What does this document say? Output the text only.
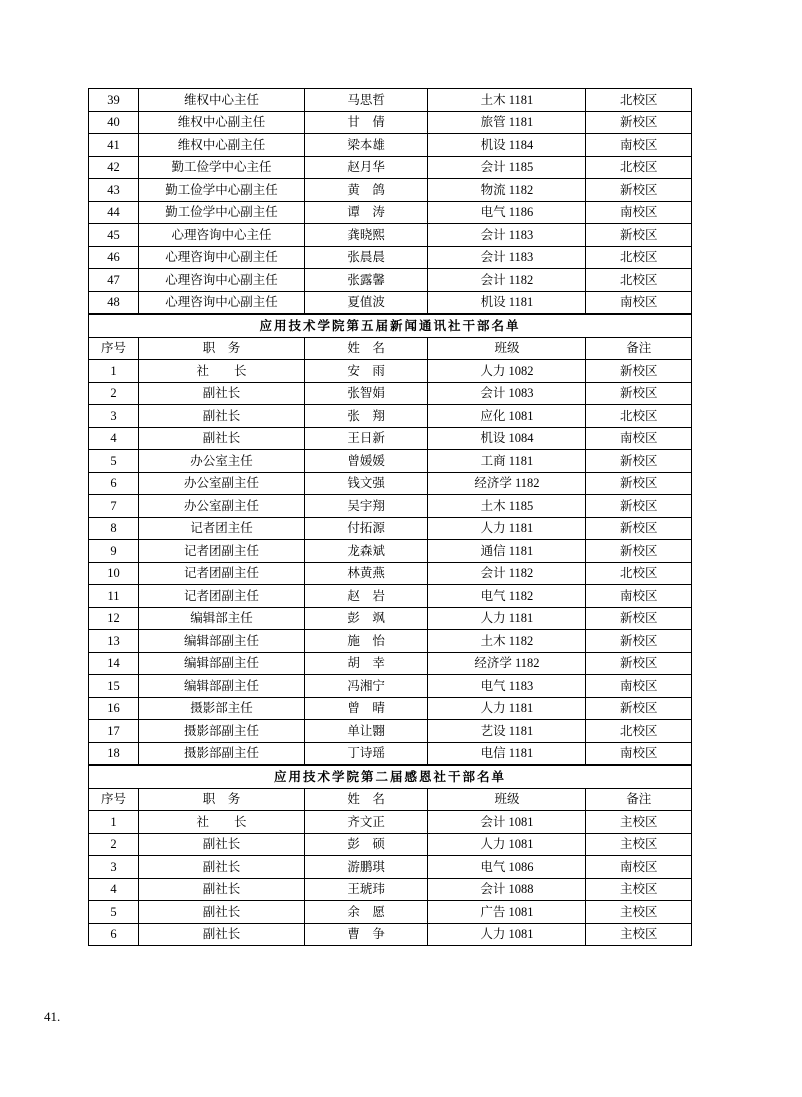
39	维权中心主任	马思哲	土木 1181	北校区
40	维权中心副主任	甘　倩	旅管 1181	新校区
41	维权中心副主任	梁本雄	机设 1184	南校区
42	勤工俭学中心主任	赵月华	会计 1185	北校区
43	勤工俭学中心副主任	黄　鸽	物流 1182	新校区
44	勤工俭学中心副主任	谭　涛	电气 1186	南校区
45	心理咨询中心主任	龚晓熙	会计 1183	新校区
46	心理咨询中心副主任	张晨晨	会计 1183	北校区
47	心理咨询中心副主任	张露馨	会计 1182	北校区
48	心理咨询中心副主任	夏值波	机设 1181	南校区
应用技术学院第五届新闻通讯社干部名单				
序号	职　务	姓　名	班级	备注
1	社　　长	安　雨	人力 1082	新校区
2	副社长	张智娟	会计 1083	新校区
3	副社长	张　翔	应化 1081	北校区
4	副社长	王日新	机设 1084	南校区
5	办公室主任	曾媛媛	工商 1181	新校区
6	办公室副主任	钱文强	经济学 1182	新校区
7	办公室副主任	吴宇翔	土木 1185	新校区
8	记者团主任	付拓源	人力 1181	新校区
9	记者团副主任	龙森斌	通信 1181	新校区
10	记者团副主任	林黄燕	会计 1182	北校区
11	记者团副主任	赵　岩	电气 1182	南校区
12	编辑部主任	彭　飒	人力 1181	新校区
13	编辑部副主任	施　怡	土木 1182	新校区
14	编辑部副主任	胡　幸	经济学 1182	新校区
15	编辑部副主任	冯湘宁	电气 1183	南校区
16	摄影部主任	曾　晴	人力 1181	新校区
17	摄影部副主任	单让翾	艺设 1181	北校区
18	摄影部副主任	丁诗瑶	电信 1181	南校区
应用技术学院第二届感恩社干部名单				
序号	职　务	姓　名	班级	备注
1	社　　长	齐文正	会计 1081	主校区
2	副社长	彭　硕	人力 1081	主校区
3	副社长	游鹏琪	电气 1086	南校区
4	副社长	王琥玮	会计 1088	主校区
5	副社长	余　愿	广告 1081	主校区
6	副社长	曹　争	人力 1081	主校区
41.
